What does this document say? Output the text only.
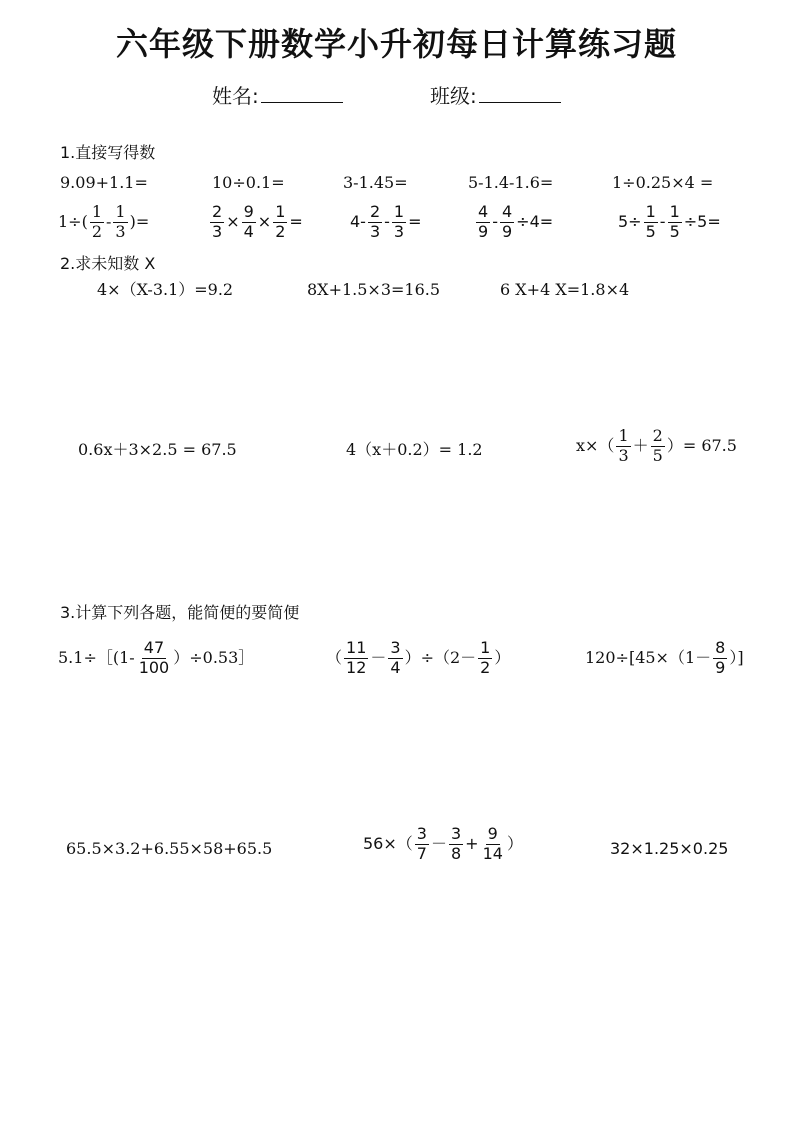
六年级下册数学小升初每日计算练习题
姓名:	班级:
1.直接写得数
9.09+1.1=	10÷0.1=	3-1.45=	5-1.4-1.6=	1÷0.25×4 =
$1\div( \frac{1}{2} - \frac{1}{3}$ )=	$\frac{2}{3} \times \frac{9}{4} \times \frac{1}{2}$ =	$4- \frac{2}{3} - \frac{1}{3}$ =	$\frac{4}{9} - \frac{4}{9} \div 4=$	$5\div \frac{1}{5} - \frac{1}{5} \div 5=$
2.求未知数 X
4×（X-3.1）=9.2	8X+1.5×3=16.5	6 X+4 X=1.8×4
0.6x＋3×2.5 = 67.5	4（x＋0.2）= 1.2	$x\times( \frac{1}{3} + \frac{2}{5}$ ）= 67.5
3.计算下列各题，能简便的要简便
5.1÷［(1- $\frac{47}{100}$ ）÷0.53］	（ $\frac{11}{12} - \frac{3}{4} )\div(2- \frac{1}{2}$ ）	$120\div[45\times(1- \frac{8}{9}$ ）]
65.5×3.2+6.55×58+65.5	$56\times( \frac{3}{7} - \frac{3}{8} + \frac{9}{14}$ ）	32×1.25×0.25
